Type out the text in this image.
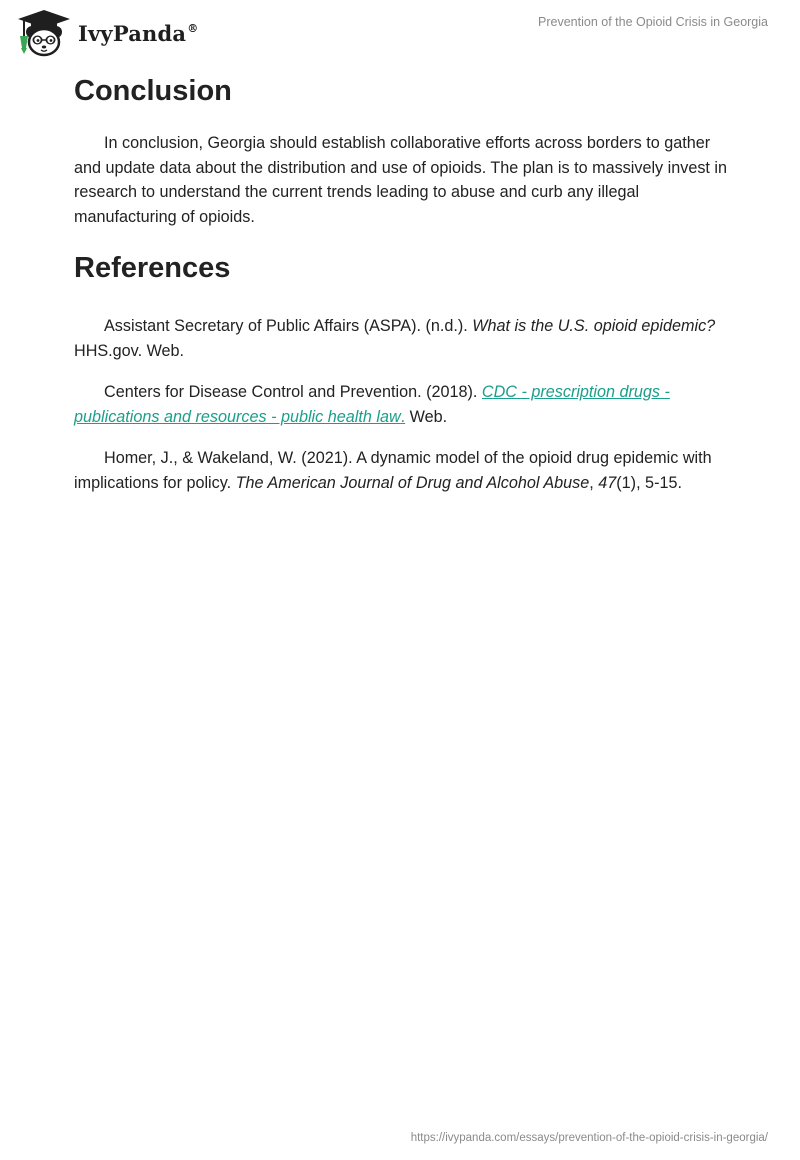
IvyPanda®	Prevention of the Opioid Crisis in Georgia
Conclusion

In conclusion, Georgia should establish collaborative efforts across borders to gather and update data about the distribution and use of opioids. The plan is to massively invest in research to understand the current trends leading to abuse and curb any illegal manufacturing of opioids.

References

Assistant Secretary of Public Affairs (ASPA). (n.d.). What is the U.S. opioid epidemic? HHS.gov. Web.

Centers for Disease Control and Prevention. (2018). CDC - prescription drugs - publications and resources - public health law. Web.

Homer, J., & Wakeland, W. (2021). A dynamic model of the opioid drug epidemic with implications for policy. The American Journal of Drug and Alcohol Abuse, 47(1), 5-15.

https://ivypanda.com/essays/prevention-of-the-opioid-crisis-in-georgia/
